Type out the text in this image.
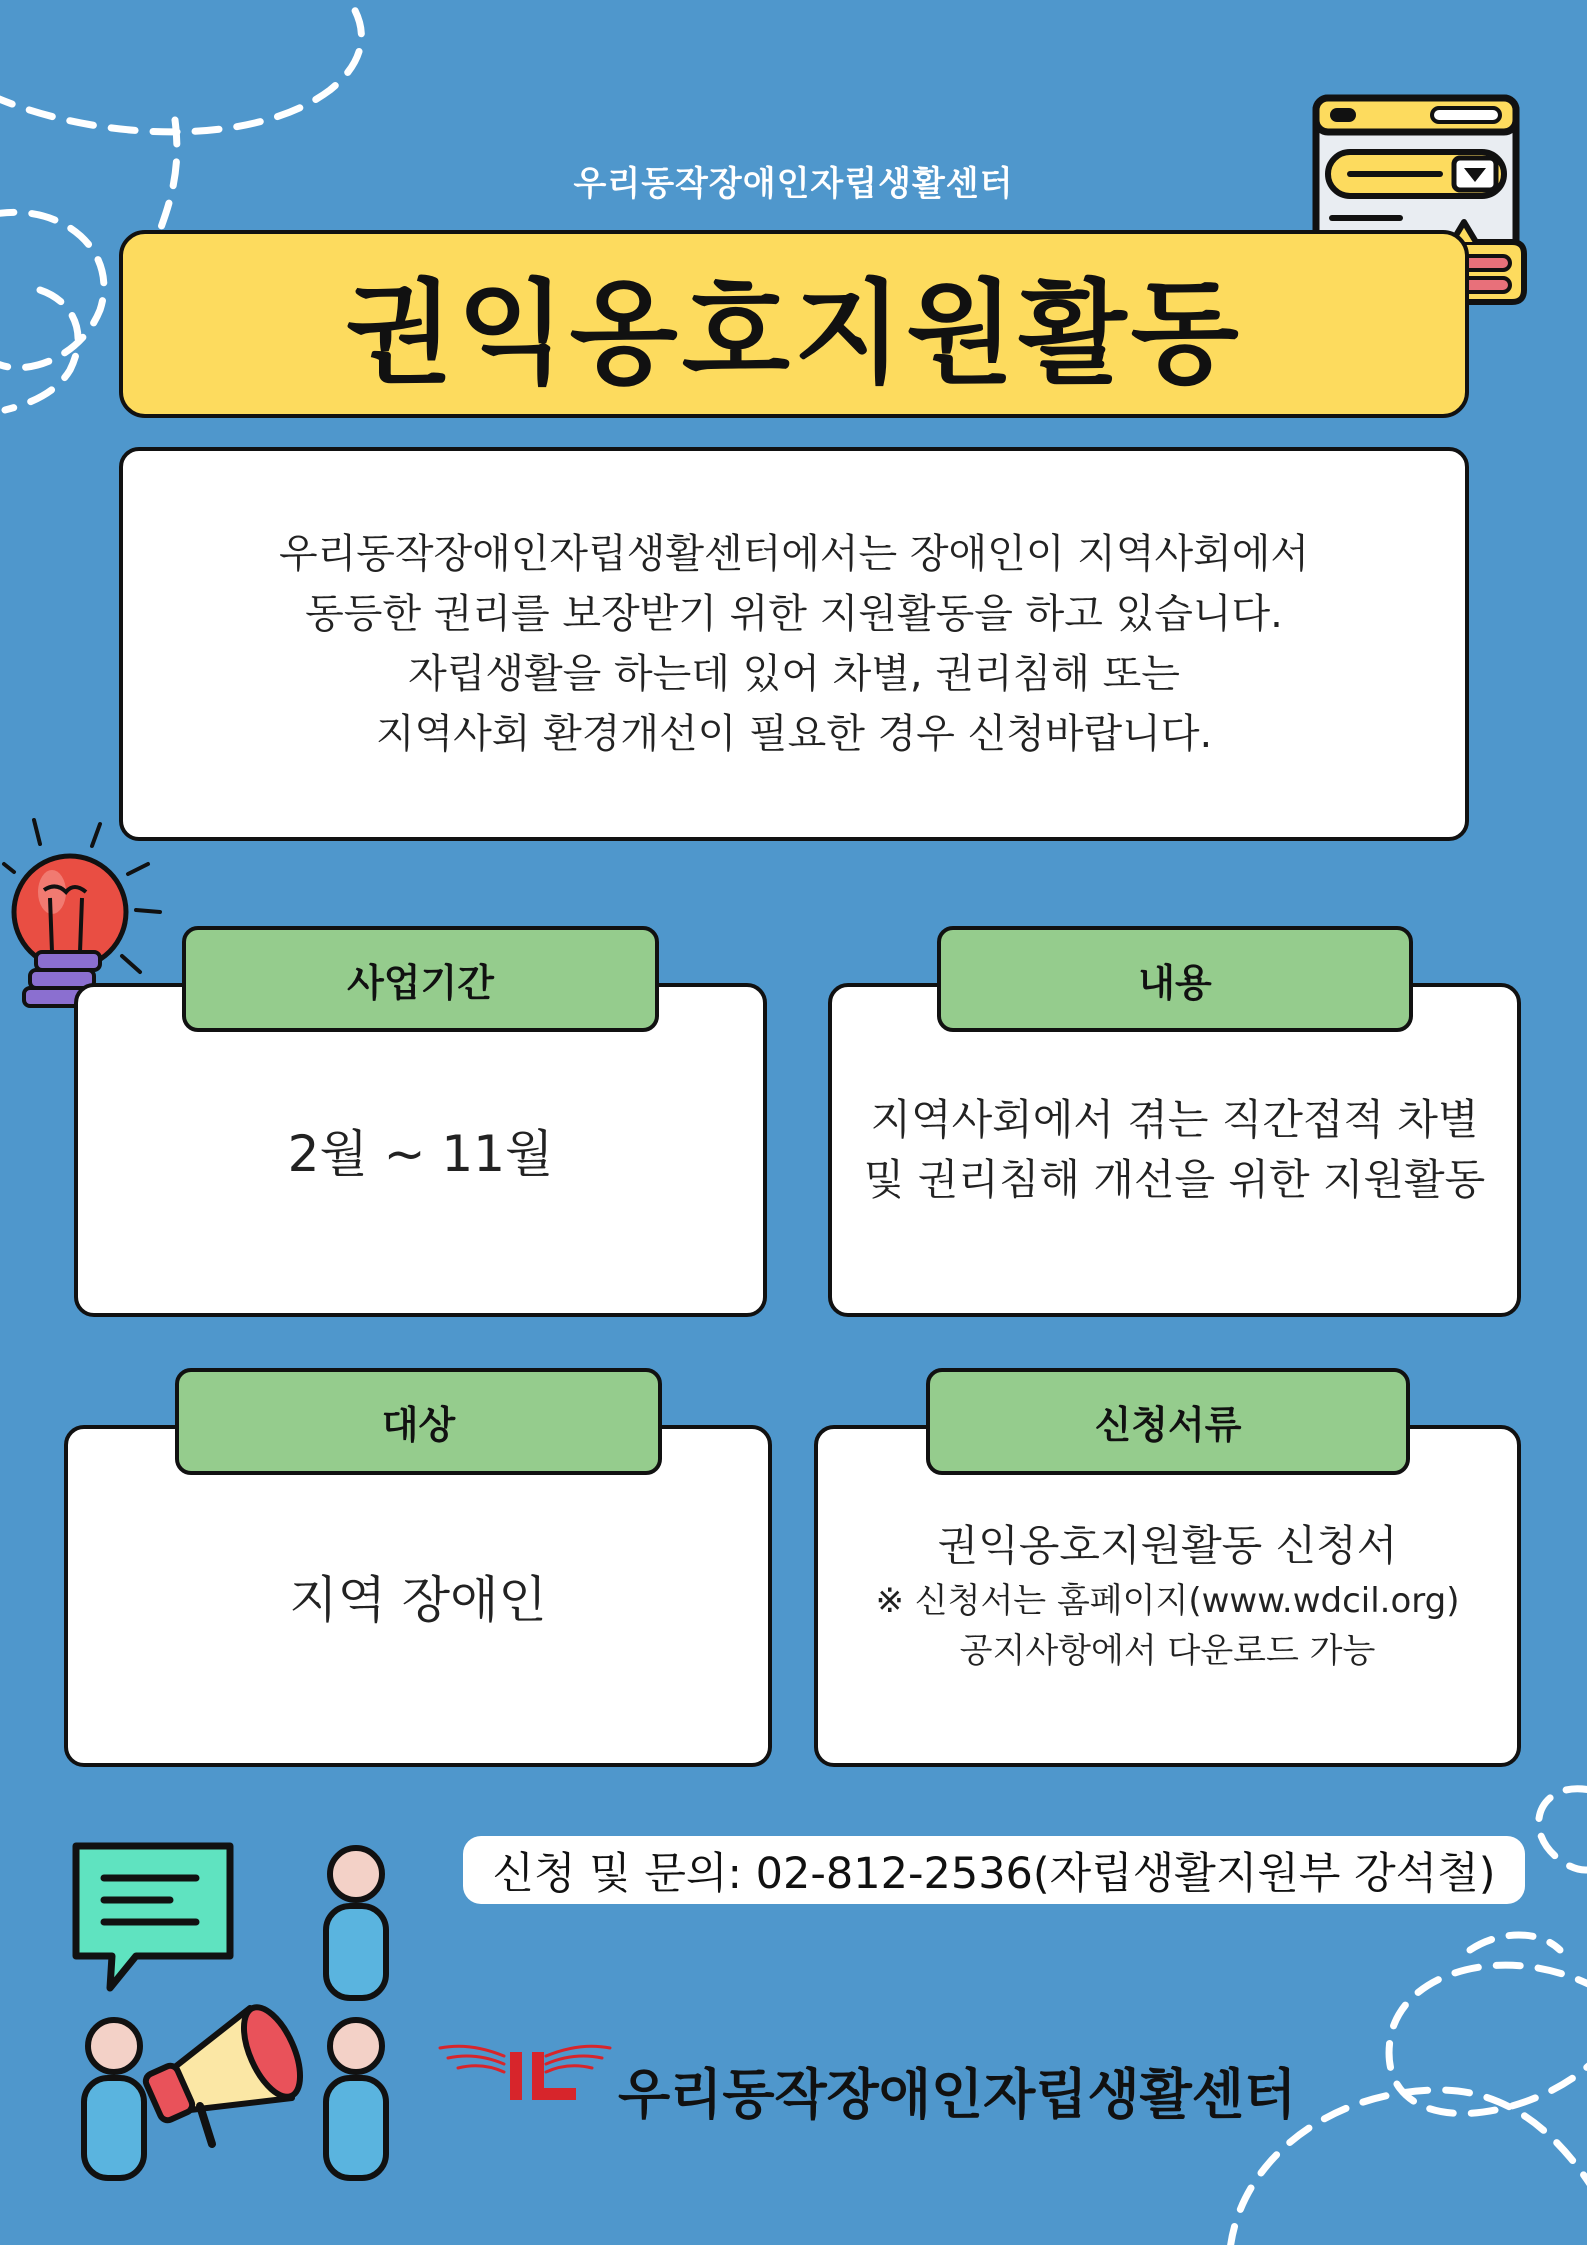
우리동작장애인자립생활센터
권익옹호지원활동

우리동작장애인자립생활센터에서는 장애인이 지역사회에서

동등한 권리를 보장받기 위한 지원활동을 하고 있습니다.

자립생활을 하는데 있어 차별, 권리침해 또는

지역사회 환경개선이 필요한 경우 신청바랍니다.

2월 ~ 11월
사업기간
지역사회에서 겪는 직간접적 차별
및 권리침해 개선을 위한 지원활동
내용
지역 장애인
대상
권익옹호지원활동 신청서
※ 신청서는 홈페이지(www.wdcil.org)
공지사항에서 다운로드 가능
신청서류
신청 및 문의: 02-812-2536(자립생활지원부 강석철)
우리동작장애인자립생활센터
